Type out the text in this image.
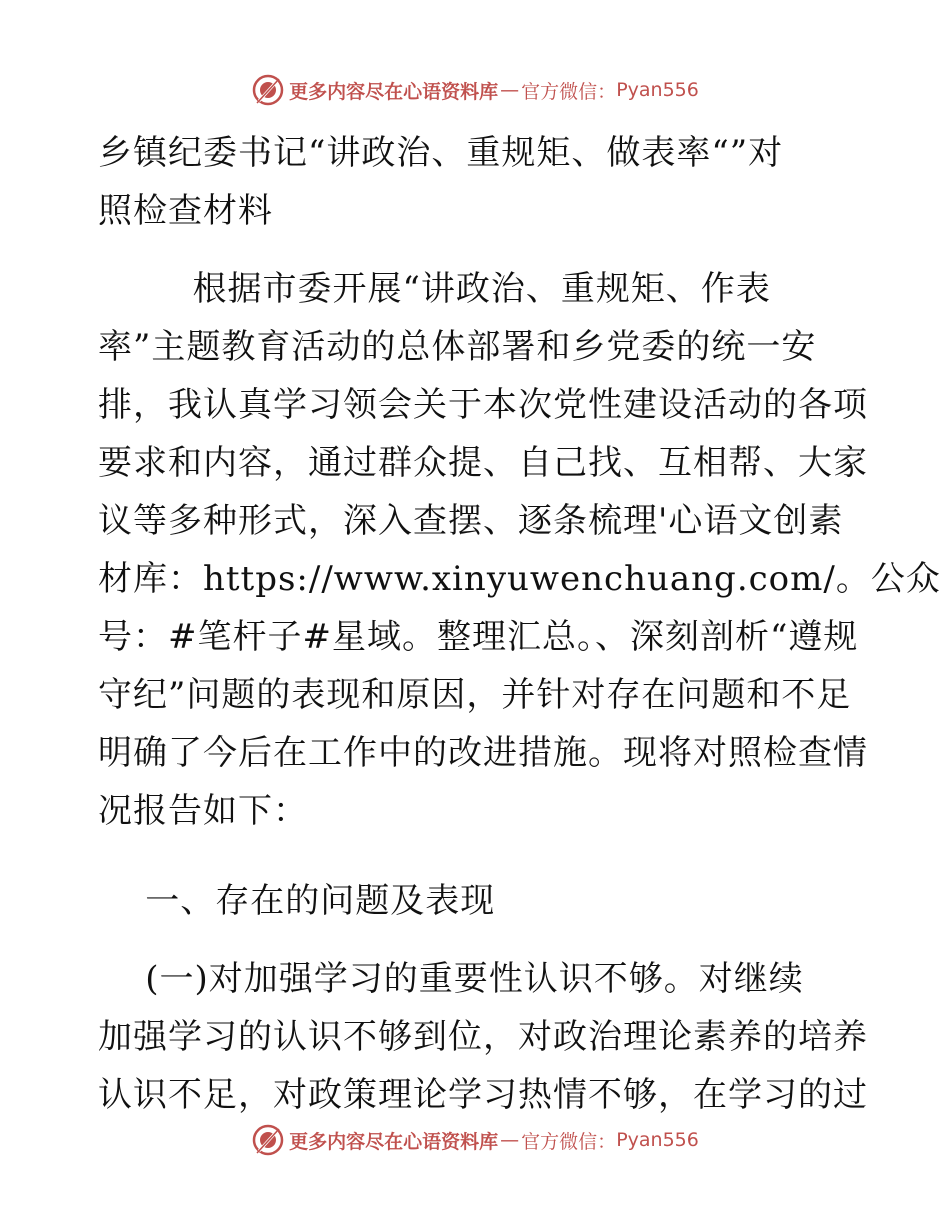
更多内容尽在心语资料库 — 官方微信： Pyan556
乡镇纪委书记“讲政治、重规矩、做表率“”对
照检查材料
根据市委开展“讲政治、重规矩、作表
率”主题教育活动的总体部署和乡党委的统一安
排，我认真学习领会关于本次党性建设活动的各项
要求和内容，通过群众提、自己找、互相帮、大家
议等多种形式，深入查摆、逐条梳理'心语文创素
材库：https://www.xinyuwenchuang.com/。公众
号：#笔杆子#星域。整理汇总。、深刻剖析“遵规
守纪”问题的表现和原因，并针对存在问题和不足
明确了今后在工作中的改进措施。现将对照检查情
况报告如下：
一、存在的问题及表现
(一)对加强学习的重要性认识不够。对继续
加强学习的认识不够到位，对政治理论素养的培养
认识不足，对政策理论学习热情不够，在学习的过
更多内容尽在心语资料库 — 官方微信： Pyan556
